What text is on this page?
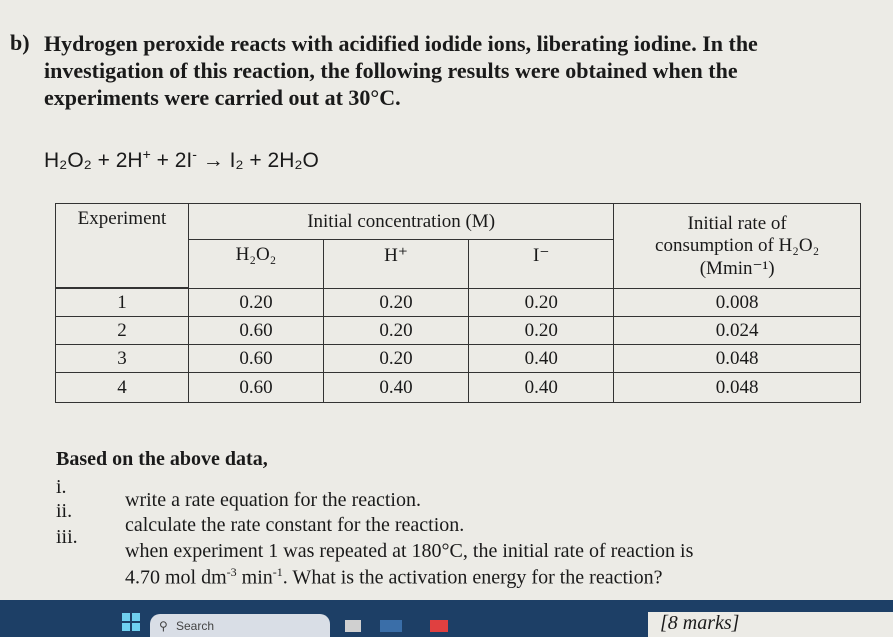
b) Hydrogen peroxide reacts with acidified iodide ions, liberating iodine. In the investigation of this reaction, the following results were obtained when the experiments were carried out at 30°C.
H₂O₂ + 2H+ + 2I- → I₂ + 2H₂O
Experiment	Initial concentration (M)			Initial rate of
consumption of H₂O₂
(Mmin⁻¹)

	H₂O₂	H⁺	I⁻	

1	0.20	0.20	0.20	0.008
2	0.60	0.20	0.20	0.024
3	0.60	0.20	0.40	0.048
4	0.60	0.40	0.40	0.048
Based on the above data,
i.
write a rate equation for the reaction.
ii.
calculate the rate constant for the reaction.
iii.
when experiment 1 was repeated at 180°C, the initial rate of reaction is
4.70 mol $dm^{-3}$ $\min^{-1}$. What is the activation energy for the reaction?
⚲ Search	[8 marks]
